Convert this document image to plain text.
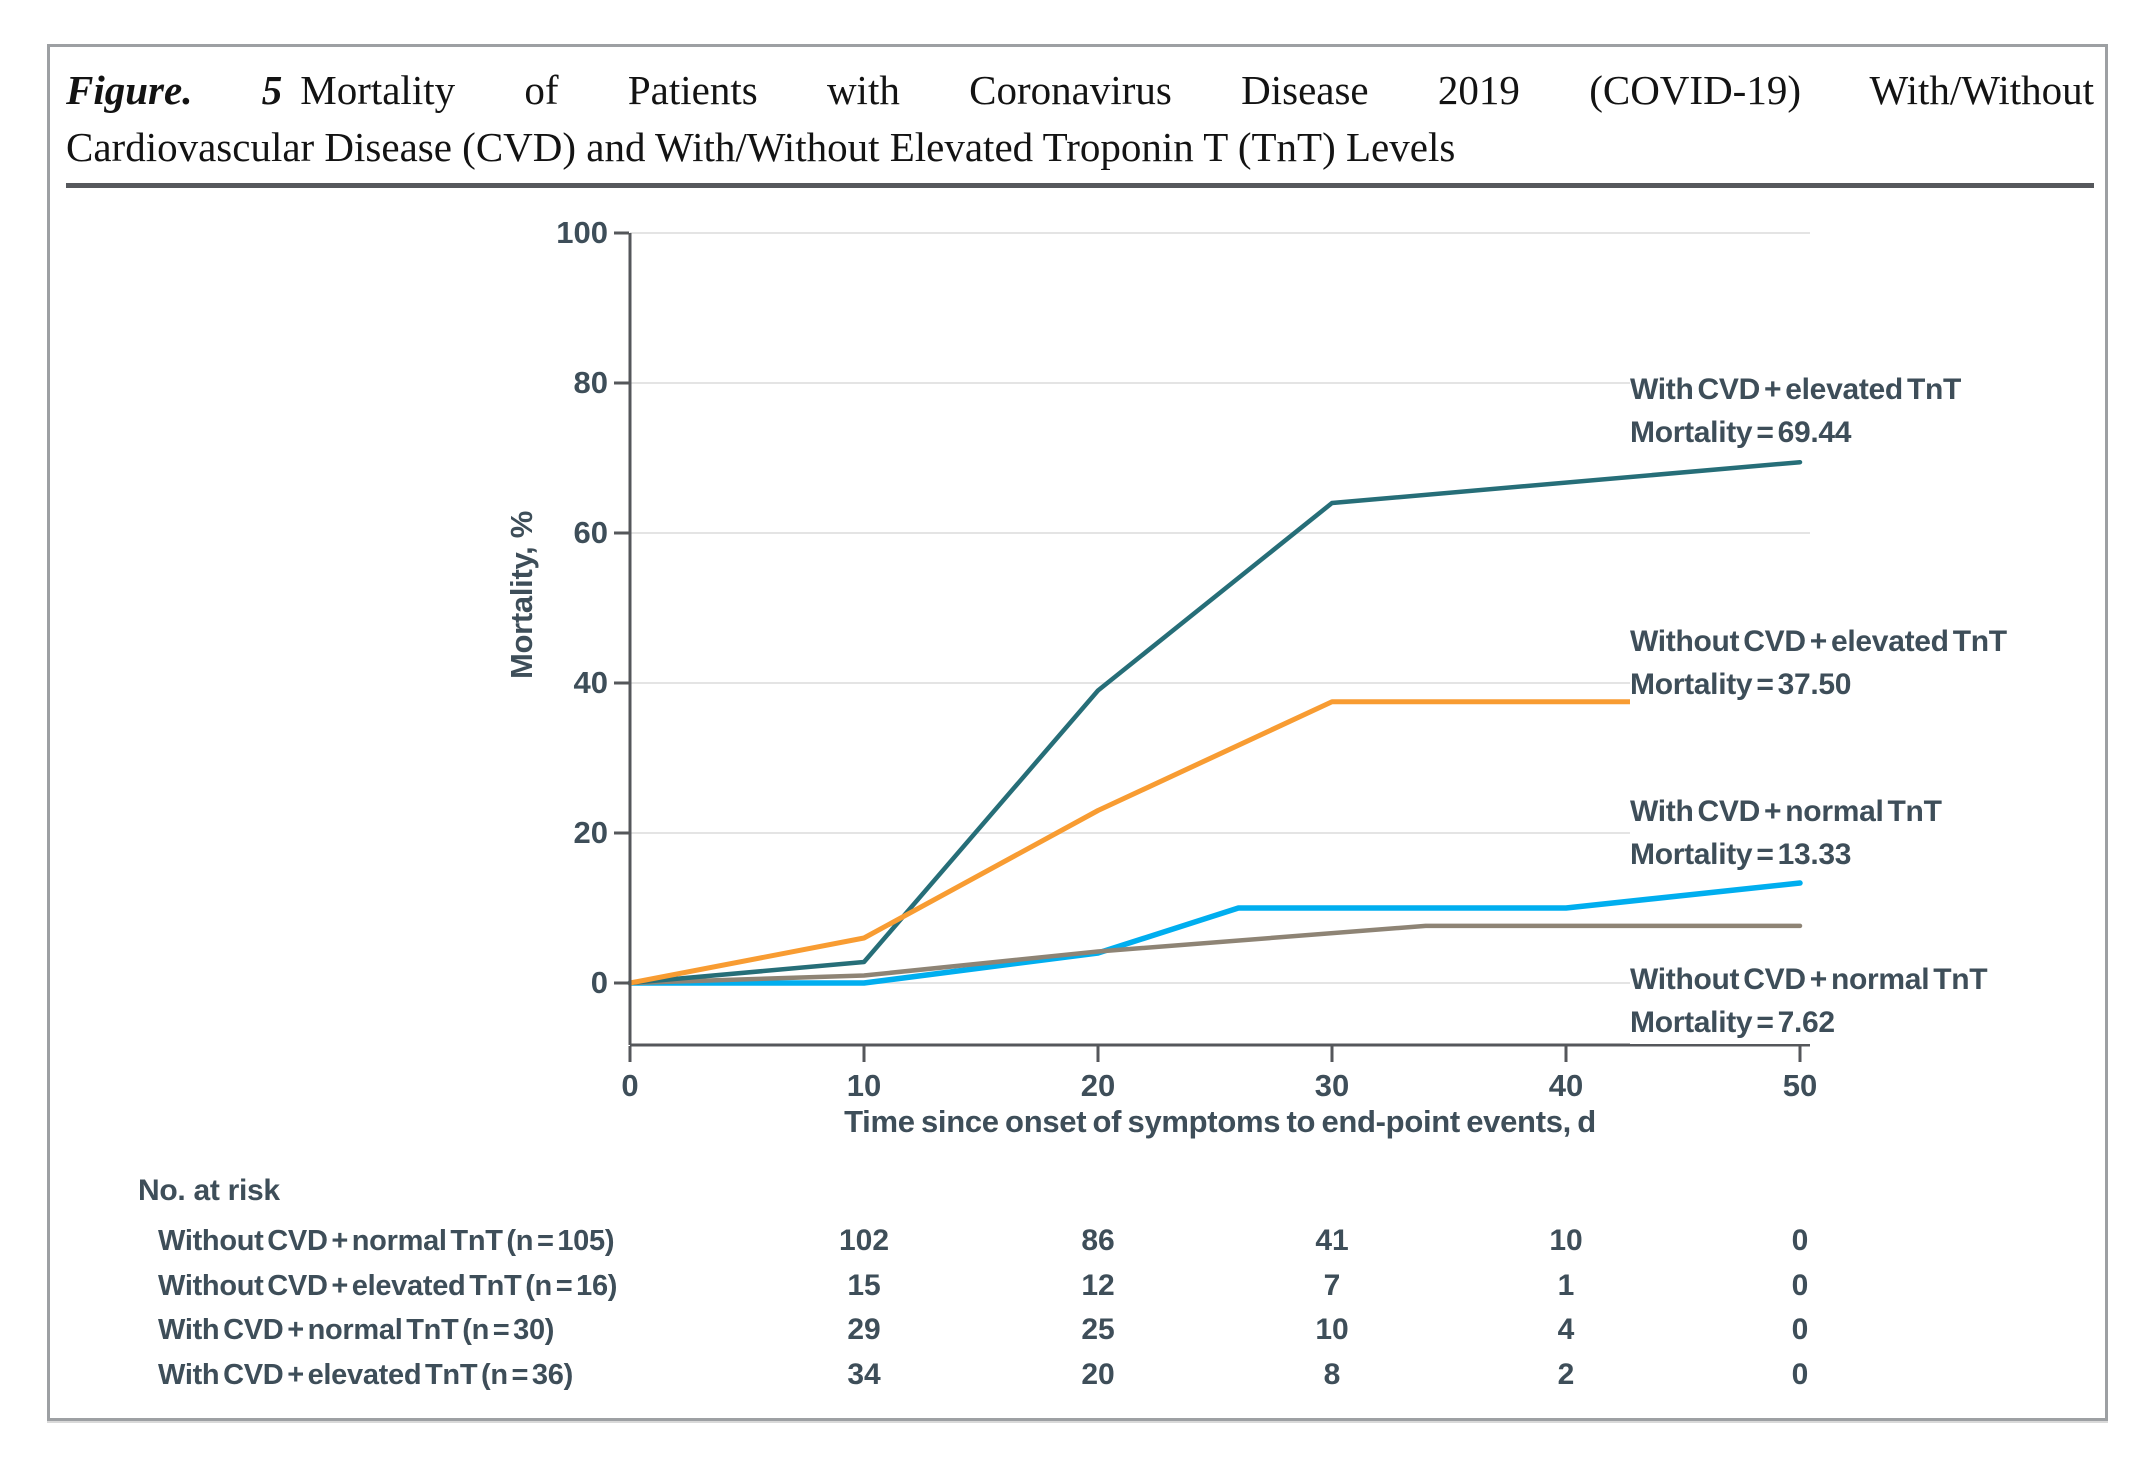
Figure. 5 Mortality of Patients with Coronavirus Disease 2019 (COVID-19) With/Without
Cardiovascular Disease (CVD) and With/Without Elevated Troponin T (TnT) Levels
0
20
40
60
80
100
0	10	20	30	40	50
Mortality, %
Time since onset of symptoms to end-point events, d
With CVD + elevated TnT
Mortality = 69.44
Without CVD + elevated TnT
Mortality = 37.50
With CVD + normal TnT
Mortality = 13.33
Without CVD + normal TnT
Mortality = 7.62
No. at risk
Without CVD + normal TnT (n = 105)	102	86	41	10	0
Without CVD + elevated TnT (n = 16)	15	12	7	1	0
With CVD + normal TnT (n = 30)	29	25	10	4	0
With CVD + elevated TnT (n = 36)	34	20	8	2	0
